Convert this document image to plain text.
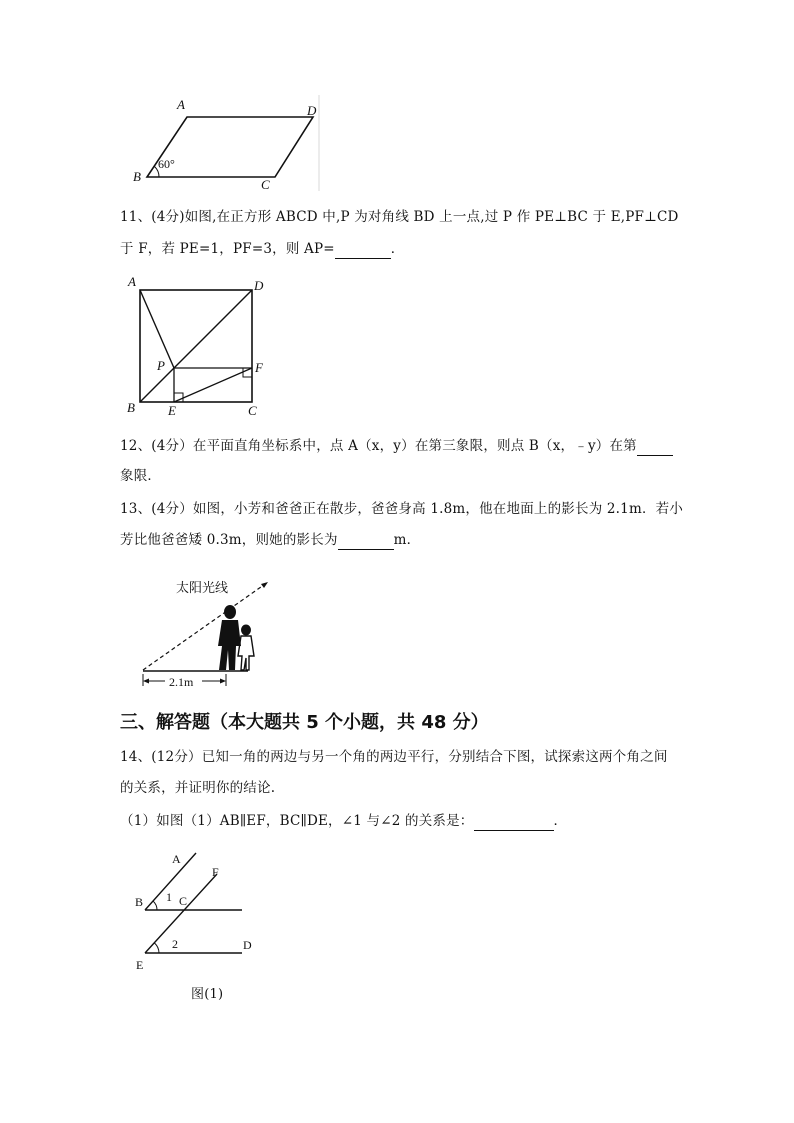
A	D
B
C
60°
11、(4分)如图,在正方形 ABCD 中,P 为对角线 BD 上一点,过 P 作 PE⊥BC 于 E,PF⊥CD
于 F，若 PE=1，PF=3，则 AP=	．
A	D
P	F
B	E	C
12、(4分）在平面直角坐标系中，点 A（x，y）在第三象限，则点 B（x，﹣y）在第
象限．
13、(4分）如图，小芳和爸爸正在散步，爸爸身高 1.8m，他在地面上的影长为 2.1m．若小
芳比他爸爸矮 0.3m，则她的影长为	m．
太阳光线
2.1m
三、解答题（本大题共 5 个小题，共 48 分）
14、(12分）已知一角的两边与另一个角的两边平行，分别结合下图，试探索这两个角之间
的关系，并证明你的结论.
（1）如图（1）AB∥EF，BC∥DE，∠1 与∠2 的关系是：	．
A
F
B 1 C
2	D
E
图(1)
